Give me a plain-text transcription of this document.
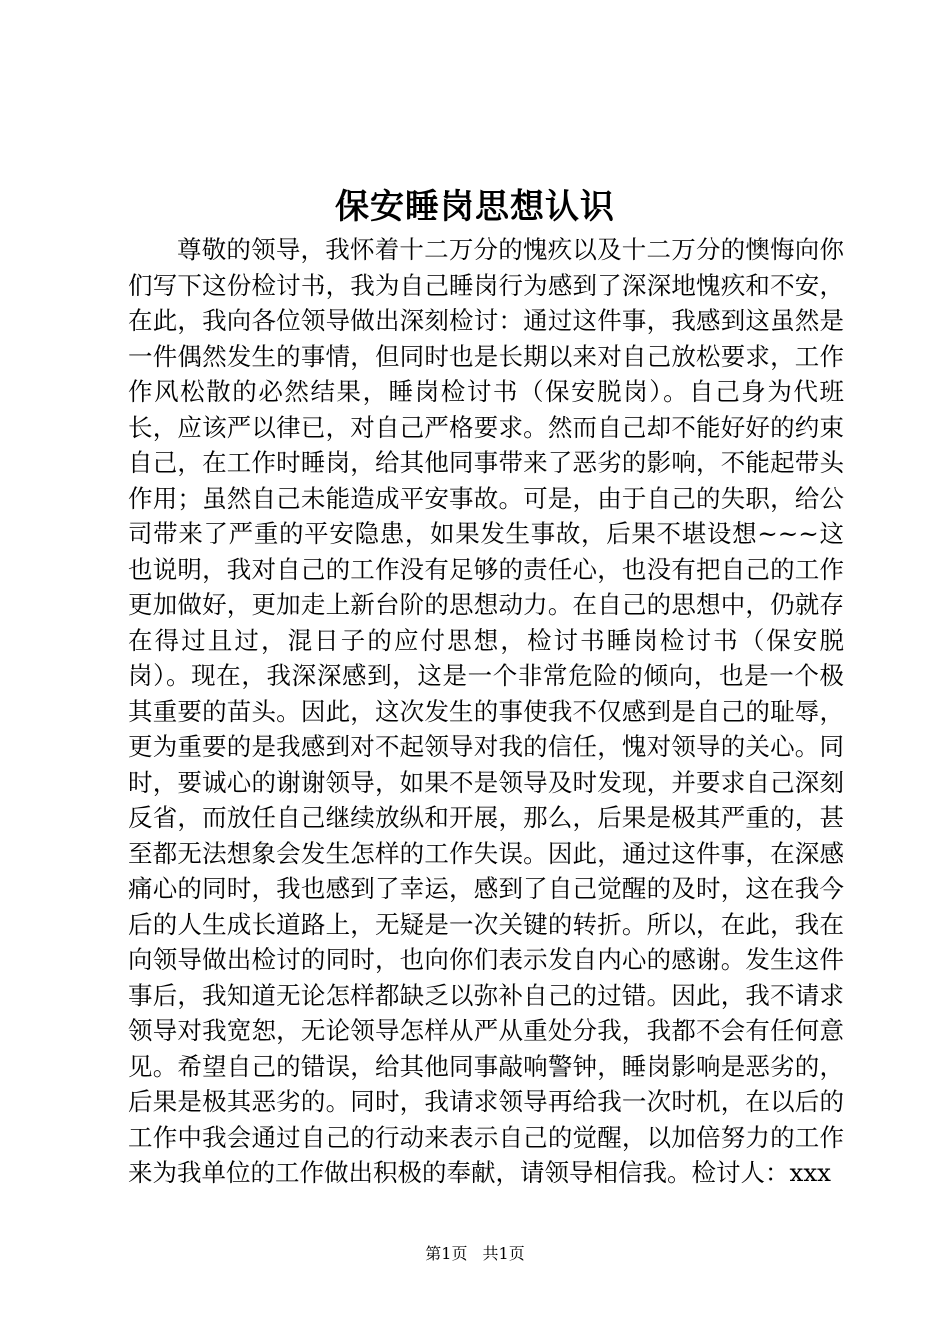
保安睡岗思想认识

尊敬的领导，我怀着十二万分的愧疚以及十二万分的懊悔向你们写下这份检讨书，我为自己睡岗行为感到了深深地愧疚和不安，在此，我向各位领导做出深刻检讨：通过这件事，我感到这虽然是一件偶然发生的事情，但同时也是长期以来对自己放松要求，工作作风松散的必然结果，睡岗检讨书（保安脱岗）。自己身为代班长，应该严以律已，对自己严格要求。然而自己却不能好好的约束自己，在工作时睡岗，给其他同事带来了恶劣的影响，不能起带头作用；虽然自己未能造成平安事故。可是，由于自己的失职，给公司带来了严重的平安隐患，如果发生事故，后果不堪设想~~~这也说明，我对自己的工作没有足够的责任心，也没有把自己的工作更加做好，更加走上新台阶的思想动力。在自己的思想中，仍就存在得过且过，混日子的应付思想，检讨书睡岗检讨书（保安脱岗）。现在，我深深感到，这是一个非常危险的倾向，也是一个极其重要的苗头。因此，这次发生的事使我不仅感到是自己的耻辱，更为重要的是我感到对不起领导对我的信任，愧对领导的关心。同时，要诚心的谢谢领导，如果不是领导及时发现，并要求自己深刻反省，而放任自己继续放纵和开展，那么，后果是极其严重的，甚至都无法想象会发生怎样的工作失误。因此，通过这件事，在深感痛心的同时，我也感到了幸运，感到了自己觉醒的及时，这在我今后的人生成长道路上，无疑是一次关键的转折。所以，在此，我在向领导做出检讨的同时，也向你们表示发自内心的感谢。发生这件事后，我知道无论怎样都缺乏以弥补自己的过错。因此，我不请求领导对我宽恕，无论领导怎样从严从重处分我，我都不会有任何意见。希望自己的错误，给其他同事敲响警钟，睡岗影响是恶劣的，后果是极其恶劣的。同时，我请求领导再给我一次时机，在以后的工作中我会通过自己的行动来表示自己的觉醒，以加倍努力的工作来为我单位的工作做出积极的奉献，请领导相信我。检讨人：xxx

第1页 共1页
